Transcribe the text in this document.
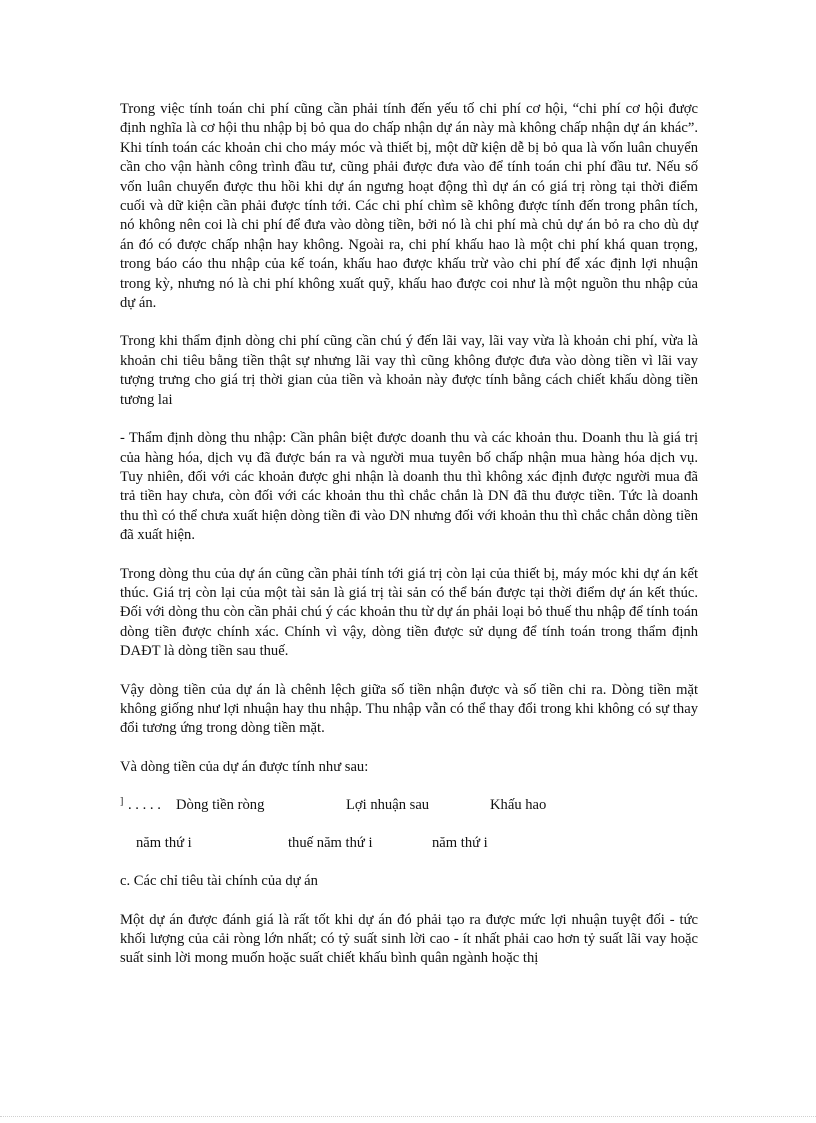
Trong việc tính toán chi phí cũng cần phải tính đến yếu tố chi phí cơ hội, “chi phí cơ hội được định nghĩa là cơ hội thu nhập bị bỏ qua do chấp nhận dự án này mà không chấp nhận dự án khác”. Khi tính toán các khoản chi cho máy móc và thiết bị, một dữ kiện dễ bị bỏ qua là vốn luân chuyển cần cho vận hành công trình đầu tư, cũng phải được đưa vào để tính toán chi phí đầu tư. Nếu số vốn luân chuyển được thu hồi khi dự án ngưng hoạt động thì dự án có giá trị ròng tại thời điểm cuối và dữ kiện cần phải được tính tới. Các chi phí chìm sẽ không được tính đến trong phân tích, nó không nên coi là chi phí để đưa vào dòng tiền, bởi nó là chi phí mà chủ dự án bỏ ra cho dù dự án đó có được chấp nhận hay không. Ngoài ra, chi phí khấu hao là một chi phí khá quan trọng, trong báo cáo thu nhập của kế toán, khấu hao được khấu trừ vào chi phí để xác định lợi nhuận trong kỳ, nhưng nó là chi phí không xuất quỹ, khấu hao được coi như là một nguồn thu nhập của dự án.

Trong khi thẩm định dòng chi phí cũng cần chú ý đến lãi vay, lãi vay vừa là khoản chi phí, vừa là khoản chi tiêu bằng tiền thật sự nhưng lãi vay thì cũng không được đưa vào dòng tiền vì lãi vay tượng trưng cho giá trị thời gian của tiền và khoản này được tính bằng cách chiết khấu dòng tiền tương lai

- Thẩm định dòng thu nhập: Cần phân biệt được doanh thu và các khoản thu. Doanh thu là giá trị của hàng hóa, dịch vụ đã được bán ra và người mua tuyên bố chấp nhận mua hàng hóa dịch vụ. Tuy nhiên, đối với các khoản được ghi nhận là doanh thu thì không xác định được người mua đã trả tiền hay chưa, còn đối với các khoản thu thì chắc chắn là DN đã thu được tiền. Tức là doanh thu thì có thể chưa xuất hiện dòng tiền đi vào DN nhưng đối với khoản thu thì chắc chắn dòng tiền đã xuất hiện.

Trong dòng thu của dự án cũng cần phải tính tới giá trị còn lại của thiết bị, máy móc khi dự án kết thúc. Giá trị còn lại của một tài sản là giá trị tài sản có thể bán được tại thời điểm dự án kết thúc. Đối với dòng thu còn cần phải chú ý các khoản thu từ dự án phải loại bỏ thuế thu nhập để tính toán dòng tiền được chính xác. Chính vì vậy, dòng tiền được sử dụng để tính toán trong thẩm định DAĐT là dòng tiền sau thuế.

Vậy dòng tiền của dự án là chênh lệch giữa số tiền nhận được và số tiền chi ra. Dòng tiền mặt không giống như lợi nhuận hay thu nhập. Thu nhập vẫn có thể thay đổi trong khi không có sự thay đổi tương ứng trong dòng tiền mặt.

Và dòng tiền của dự án được tính như sau:

] . . . . . Dòng tiền ròng	Lợi nhuận sau	Khấu hao
năm thứ i	thuế năm thứ i	năm thứ i

c. Các chỉ tiêu tài chính của dự án

Một dự án được đánh giá là rất tốt khi dự án đó phải tạo ra được mức lợi nhuận tuyệt đối - tức khối lượng của cải ròng lớn nhất; có tỷ suất sinh lời cao - ít nhất phải cao hơn tỷ suất lãi vay hoặc suất sinh lời mong muốn hoặc suất chiết khấu bình quân ngành hoặc thị
